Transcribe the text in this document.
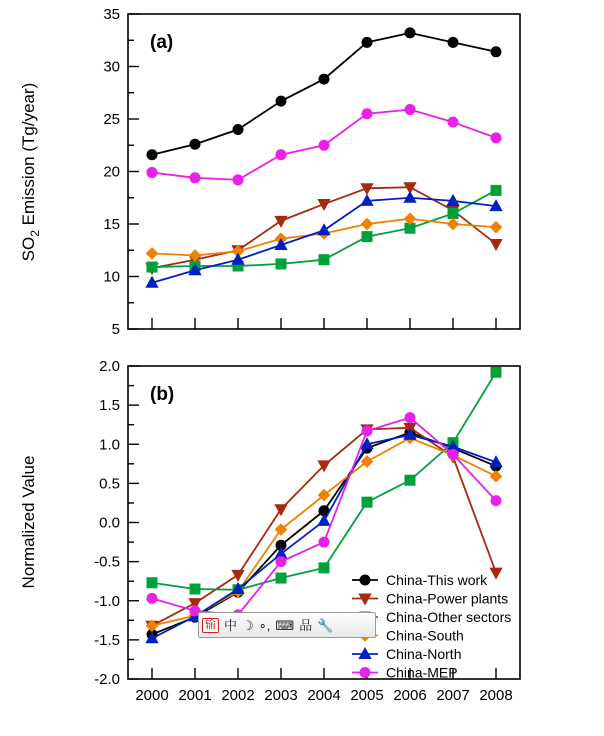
5
10
15
20
25
30
35
$SO_2$ Emission (Tg/year)
(a)
-2.0
-1.5
-1.0
-0.5
0.0
0.5
1.0
1.5
2.0
2000 2001 2002 2003 2004 2005 2006 2007 2008
Normalized Value
(b)
China-This work
China-Power plants
China-Other sectors
China-South
China-North
China-MEP
输 中 ☽ ∘, ⌨ 品 🔧
